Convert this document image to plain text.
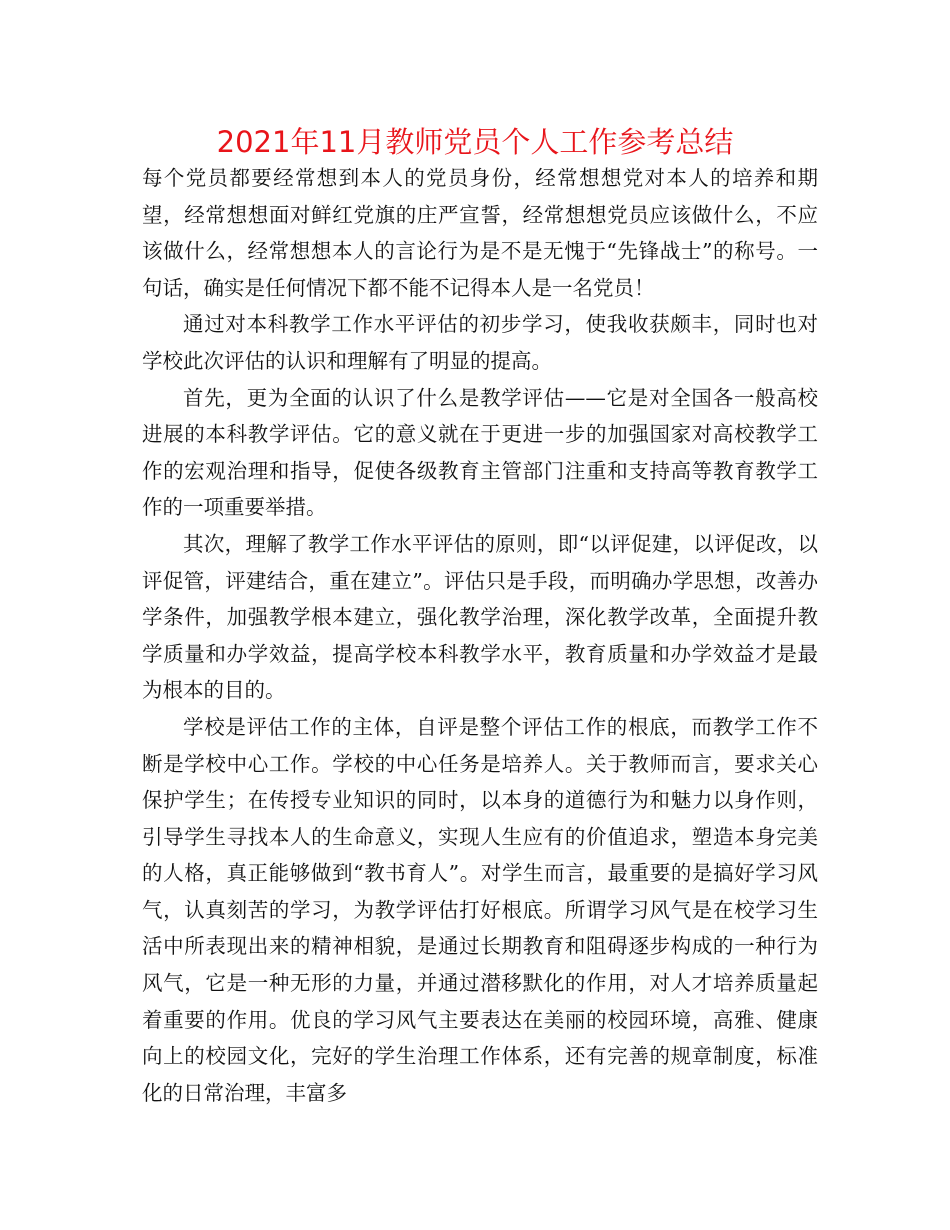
2021年11月教师党员个人工作参考总结

每个党员都要经常想到本人的党员身份，经常想想党对本人的培养和期望，经常想想面对鲜红党旗的庄严宣誓，经常想想党员应该做什么，不应该做什么，经常想想本人的言论行为是不是无愧于“先锋战士”的称号。一句话，确实是任何情况下都不能不记得本人是一名党员！

通过对本科教学工作水平评估的初步学习，使我收获颇丰，同时也对学校此次评估的认识和理解有了明显的提高。

首先，更为全面的认识了什么是教学评估——它是对全国各一般高校进展的本科教学评估。它的意义就在于更进一步的加强国家对高校教学工作的宏观治理和指导，促使各级教育主管部门注重和支持高等教育教学工作的一项重要举措。

其次，理解了教学工作水平评估的原则，即“以评促建，以评促改，以评促管，评建结合，重在建立”。评估只是手段，而明确办学思想，改善办学条件，加强教学根本建立，强化教学治理，深化教学改革，全面提升教学质量和办学效益，提高学校本科教学水平，教育质量和办学效益才是最为根本的目的。

学校是评估工作的主体，自评是整个评估工作的根底，而教学工作不断是学校中心工作。学校的中心任务是培养人。关于教师而言，要求关心保护学生；在传授专业知识的同时，以本身的道德行为和魅力以身作则，引导学生寻找本人的生命意义，实现人生应有的价值追求，塑造本身完美的人格，真正能够做到“教书育人”。对学生而言，最重要的是搞好学习风气，认真刻苦的学习，为教学评估打好根底。所谓学习风气是在校学习生活中所表现出来的精神相貌，是通过长期教育和阻碍逐步构成的一种行为风气，它是一种无形的力量，并通过潜移默化的作用，对人才培养质量起着重要的作用。优良的学习风气主要表达在美丽的校园环境，高雅、健康向上的校园文化，完好的学生治理工作体系，还有完善的规章制度，标准化的日常治理，丰富多
